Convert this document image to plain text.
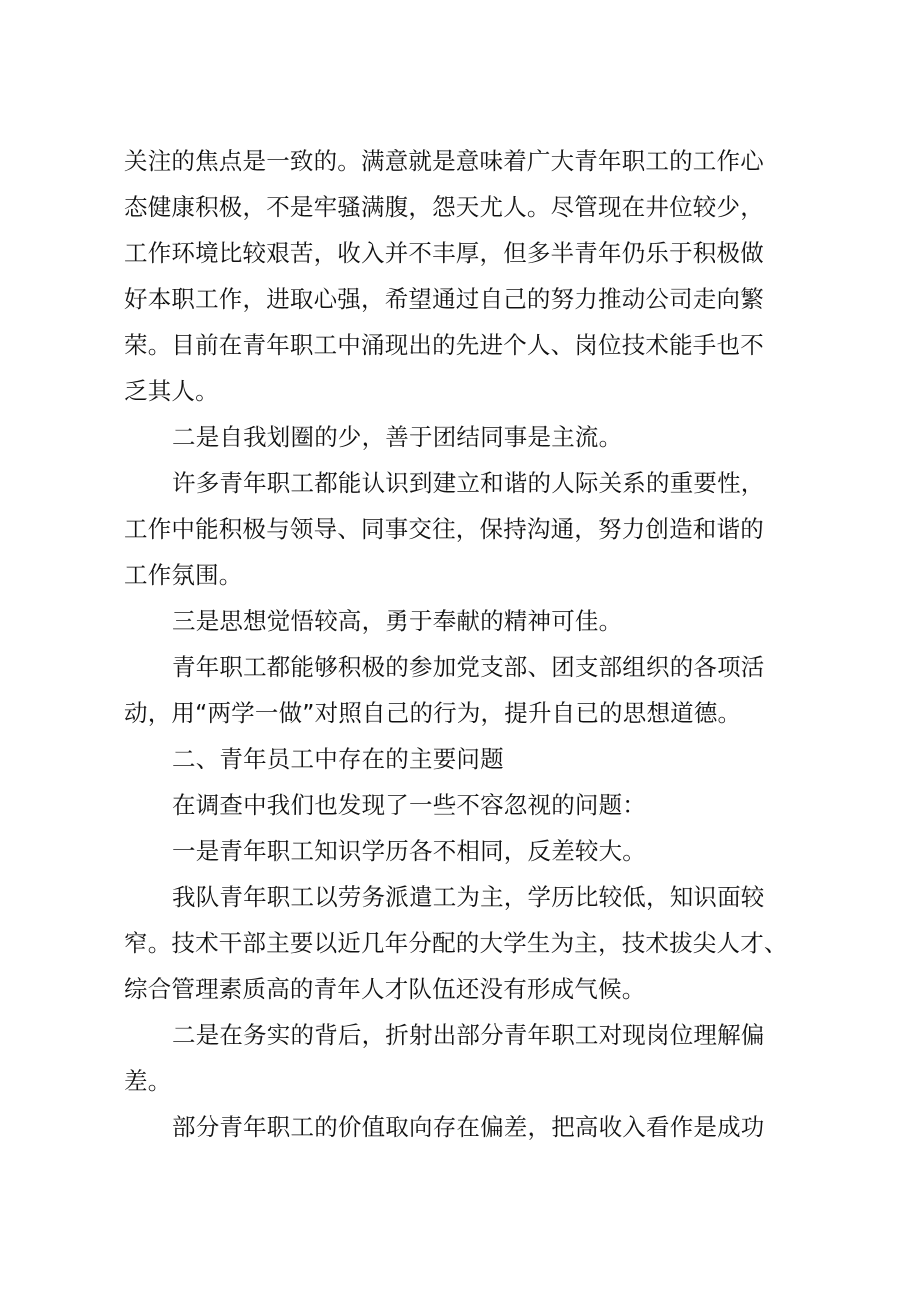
关注的焦点是一致的。满意就是意味着广大青年职工的工作心
态健康积极，不是牢骚满腹，怨天尤人。尽管现在井位较少，
工作环境比较艰苦，收入并不丰厚，但多半青年仍乐于积极做
好本职工作，进取心强，希望通过自己的努力推动公司走向繁
荣。目前在青年职工中涌现出的先进个人、岗位技术能手也不
乏其人。
二是自我划圈的少，善于团结同事是主流。
许多青年职工都能认识到建立和谐的人际关系的重要性，
工作中能积极与领导、同事交往，保持沟通，努力创造和谐的
工作氛围。
三是思想觉悟较高，勇于奉献的精神可佳。
青年职工都能够积极的参加党支部、团支部组织的各项活
动，用“两学一做”对照自己的行为，提升自已的思想道德。
二、青年员工中存在的主要问题
在调查中我们也发现了一些不容忽视的问题：
一是青年职工知识学历各不相同，反差较大。
我队青年职工以劳务派遣工为主，学历比较低，知识面较
窄。技术干部主要以近几年分配的大学生为主，技术拔尖人才、
综合管理素质高的青年人才队伍还没有形成气候。
二是在务实的背后，折射出部分青年职工对现岗位理解偏
差。
部分青年职工的价值取向存在偏差，把高收入看作是成功
